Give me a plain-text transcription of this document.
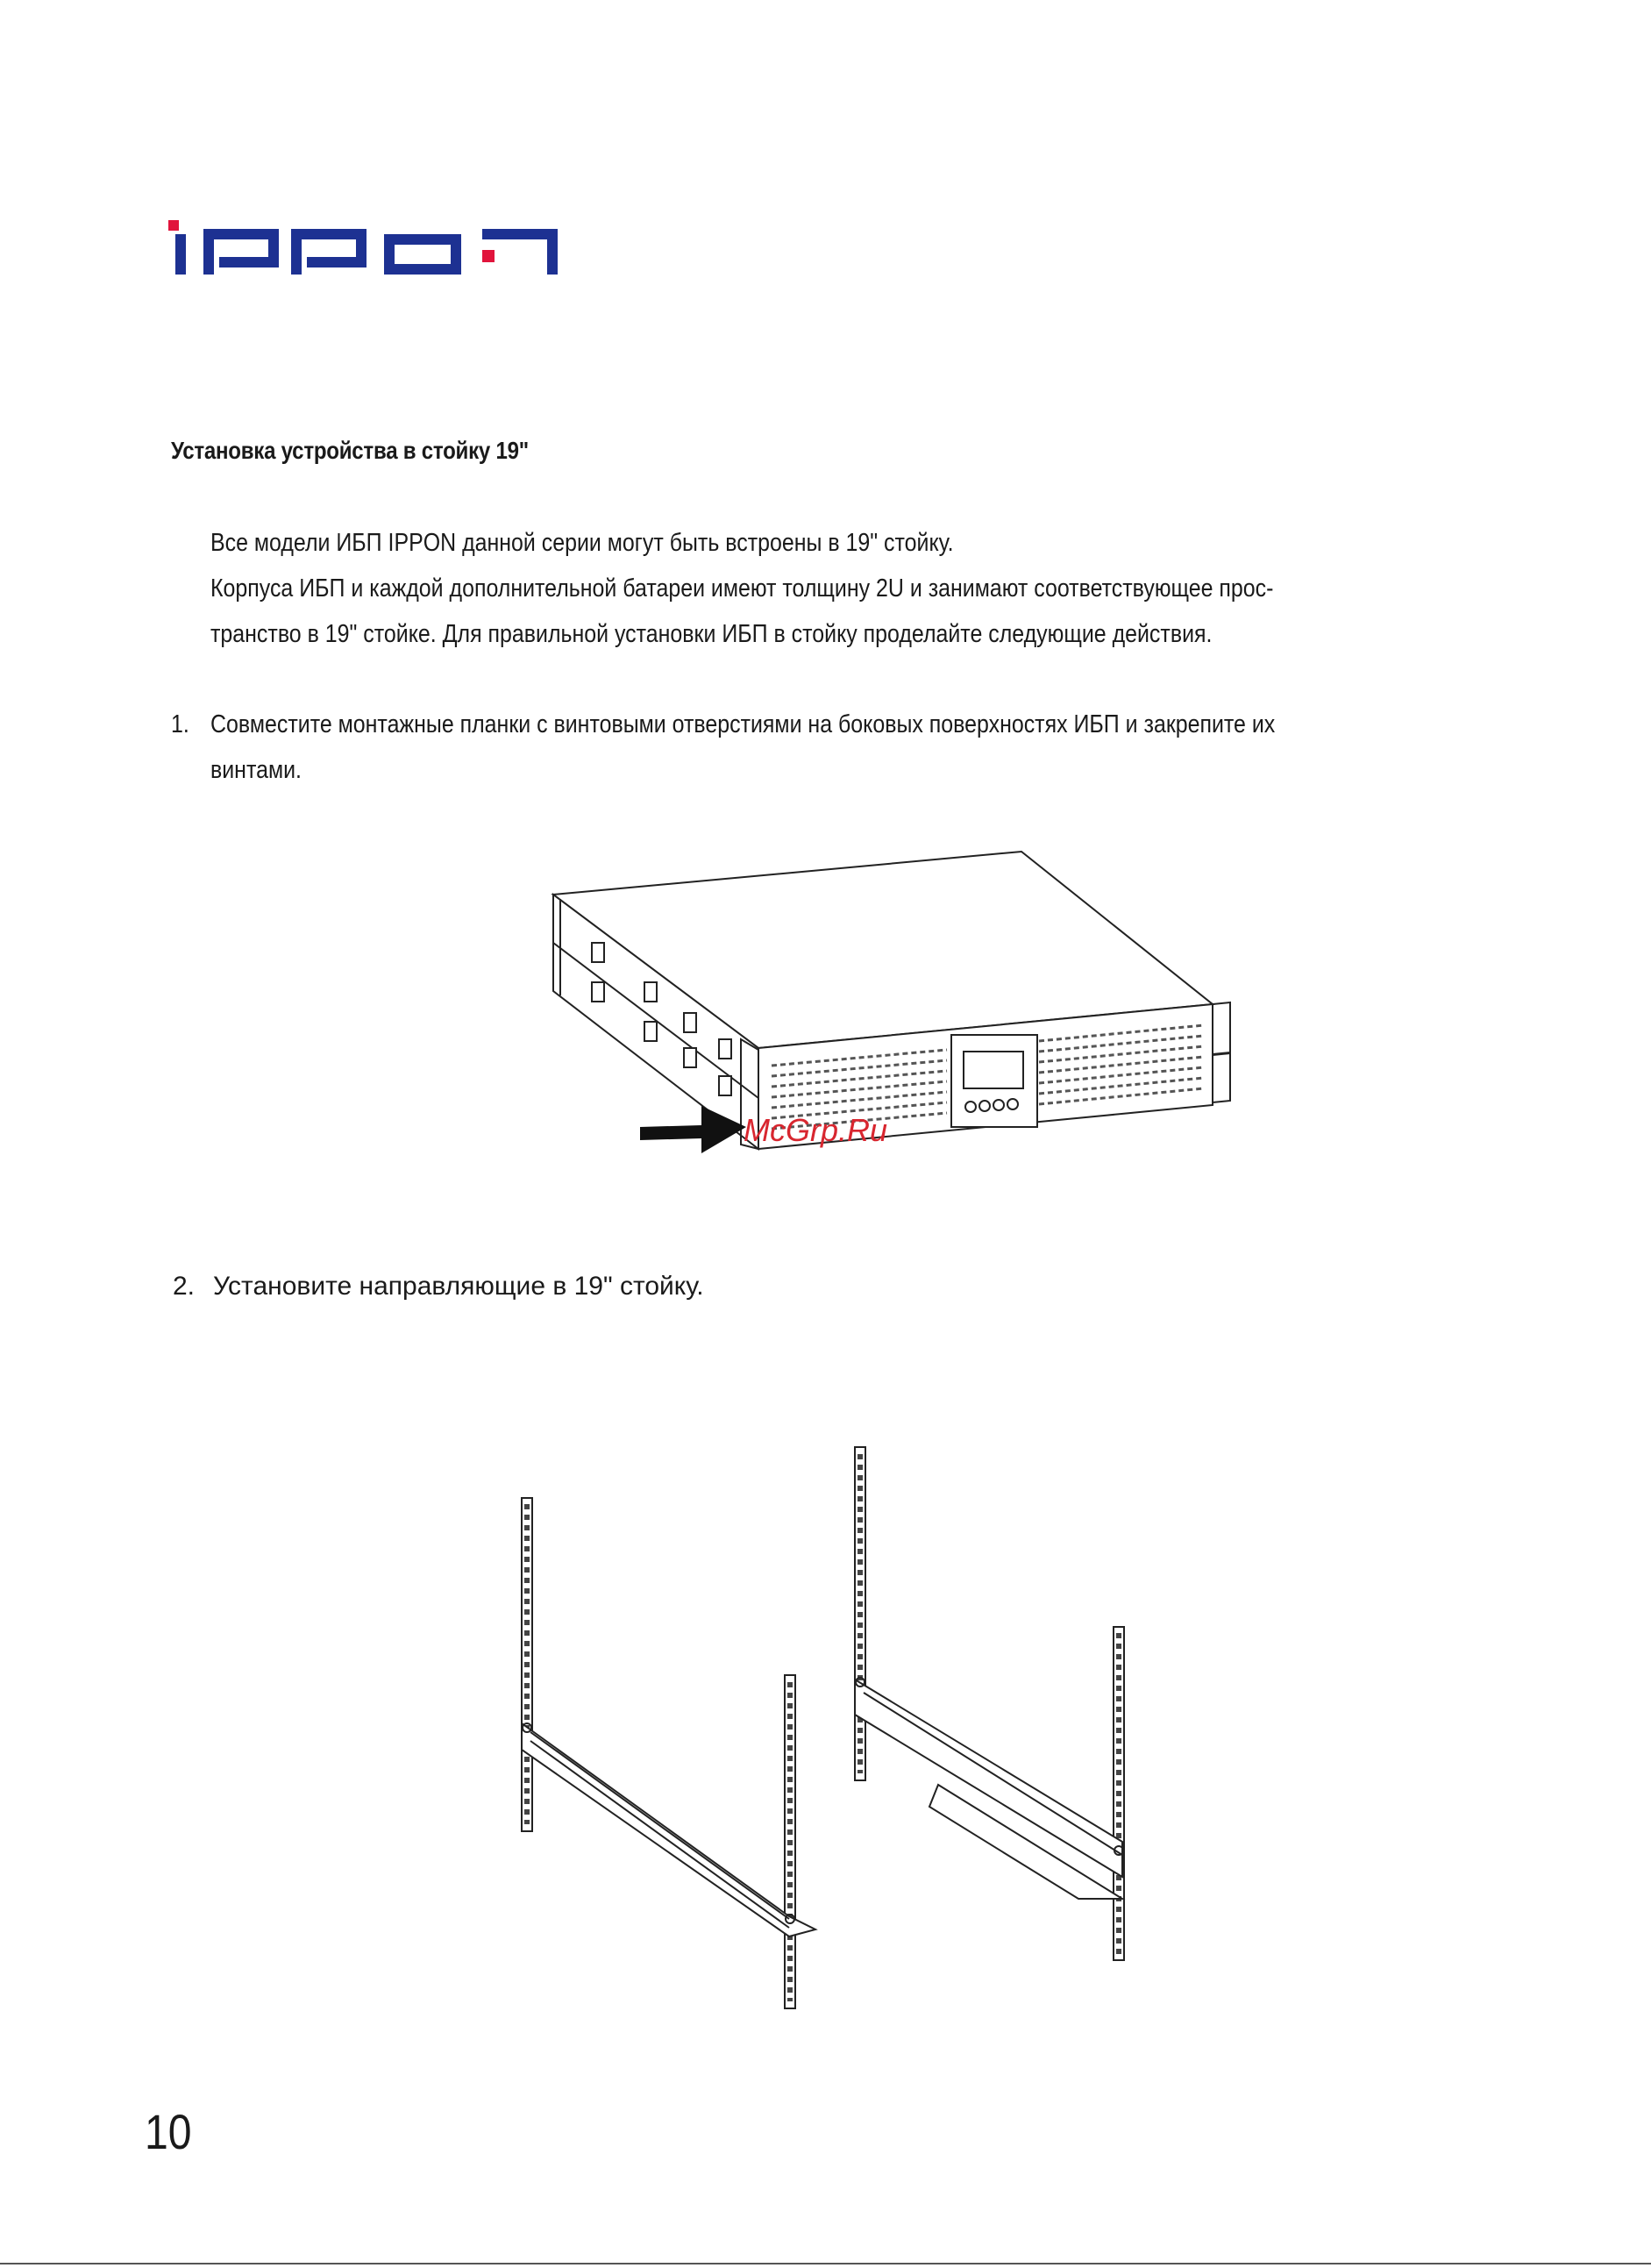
Установка устройства в стойку 19"
Все модели ИБП IPPON данной серии могут быть встроены в 19" стойку.
Корпуса ИБП и каждой дополнительной батареи имеют толщину 2U и занимают соответствующее прос-
транство в 19" стойке. Для правильной установки ИБП в стойку проделайте следующие действия.
1. Совместите монтажные планки с винтовыми отверстиями на боковых поверхностях ИБП и закрепите их
винтами.
McGrp.Ru
2. Установите направляющие в 19" стойку.
10
